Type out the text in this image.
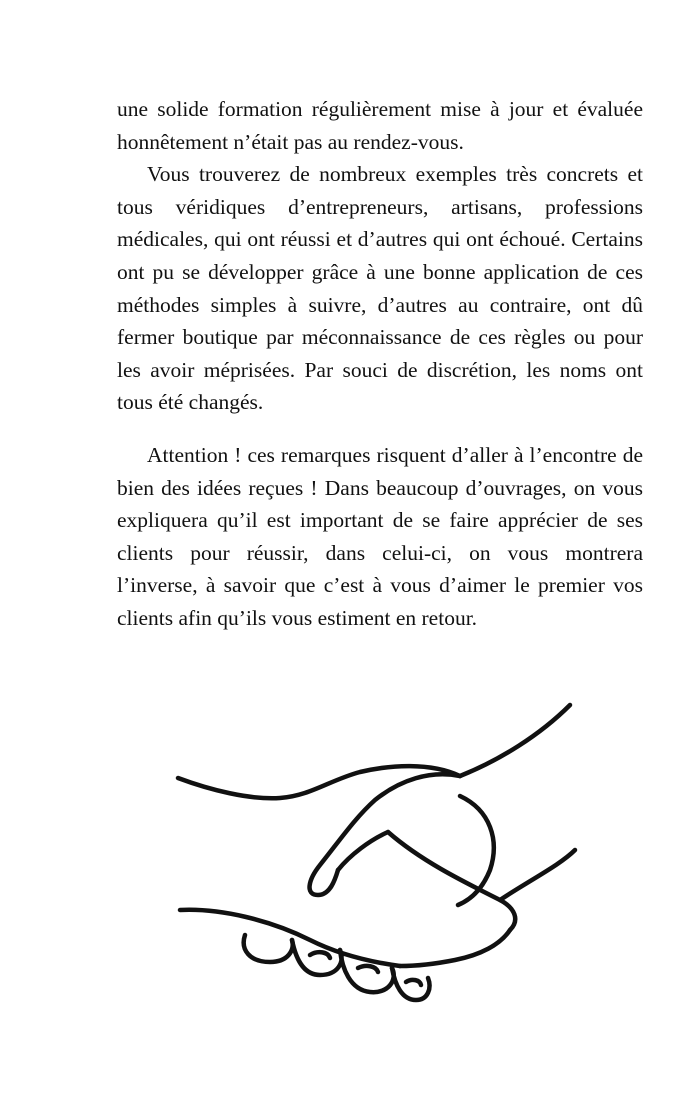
une solide formation régulièrement mise à jour et évaluée honnêtement n’était pas au rendez-vous.

Vous trouverez de nombreux exemples très concrets et tous véridiques d’entrepreneurs, artisans, professions médicales, qui ont réussi et d’autres qui ont échoué. Certains ont pu se développer grâce à une bonne application de ces méthodes simples à suivre, d’autres au contraire, ont dû fermer boutique par méconnaissance de ces règles ou pour les avoir méprisées. Par souci de discrétion, les noms ont tous été changés.

Attention ! ces remarques risquent d’aller à l’encontre de bien des idées reçues ! Dans beaucoup d’ouvrages, on vous expliquera qu’il est important de se faire apprécier de ses clients pour réussir, dans celui-ci, on vous montrera l’inverse, à savoir que c’est à vous d’aimer le premier vos clients afin qu’ils vous estiment en retour.
